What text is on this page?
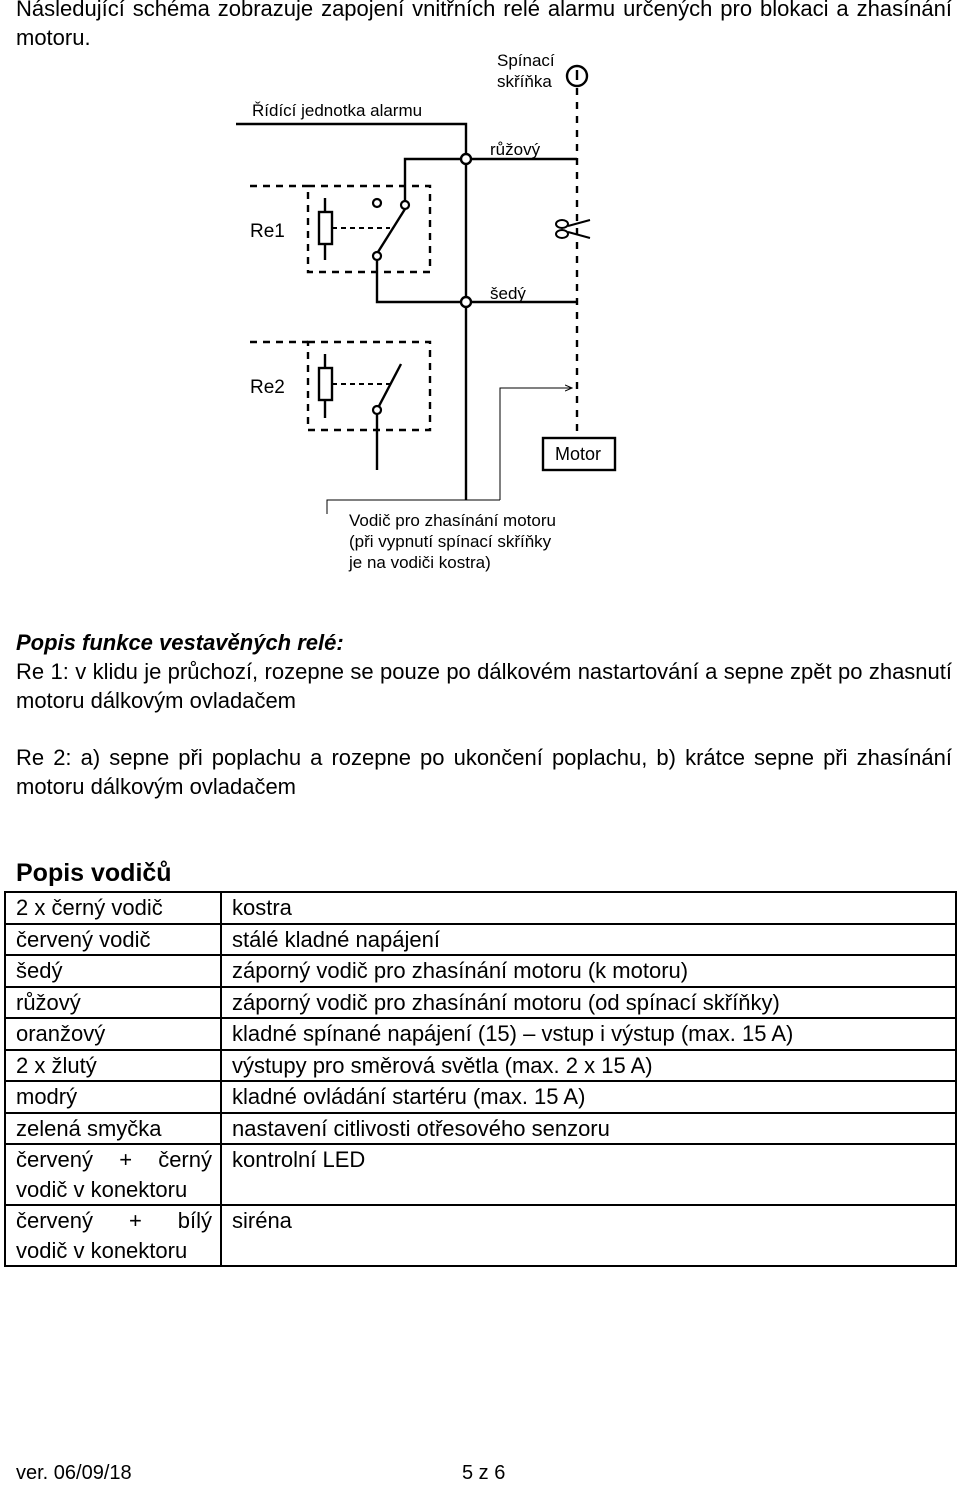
Následující schéma zobrazuje zapojení vnitřních relé alarmu určených pro blokaci a zhasínání motoru.

Spínací
skříňka
Řídící jednotka alarmu
růžový
Re1
šedý
Re2
Motor
Vodič pro zhasínání motoru
(při vypnutí spínací skříňky
je na vodiči kostra)
Popis funkce vestavěných relé:

Re 1: v klidu je průchozí, rozepne se pouze po dálkovém nastartování a sepne zpět po zhasnutí motoru dálkovým ovladačem

Re 2: a) sepne při poplachu a rozepne po ukončení poplachu, b) krátce sepne při zhasínání motoru dálkovým ovladačem

Popis vodičů
2 x černý vodič	kostra
červený vodič	stálé kladné napájení
šedý	záporný vodič pro zhasínání motoru (k motoru)
růžový	záporný vodič pro zhasínání motoru (od spínací skříňky)
oranžový	kladné spínané napájení (15) – vstup i výstup (max. 15 A)
2 x žlutý	výstupy pro směrová světla (max. 2 x 15 A)
modrý	kladné ovládání startéru (max. 15 A)
zelená smyčka	nastavení citlivosti otřesového senzoru

červený + černý
vodič v konektoru	kontrolní LED

červený + bílý
vodič v konektoru	siréna
ver. 06/09/18	5 z 6
